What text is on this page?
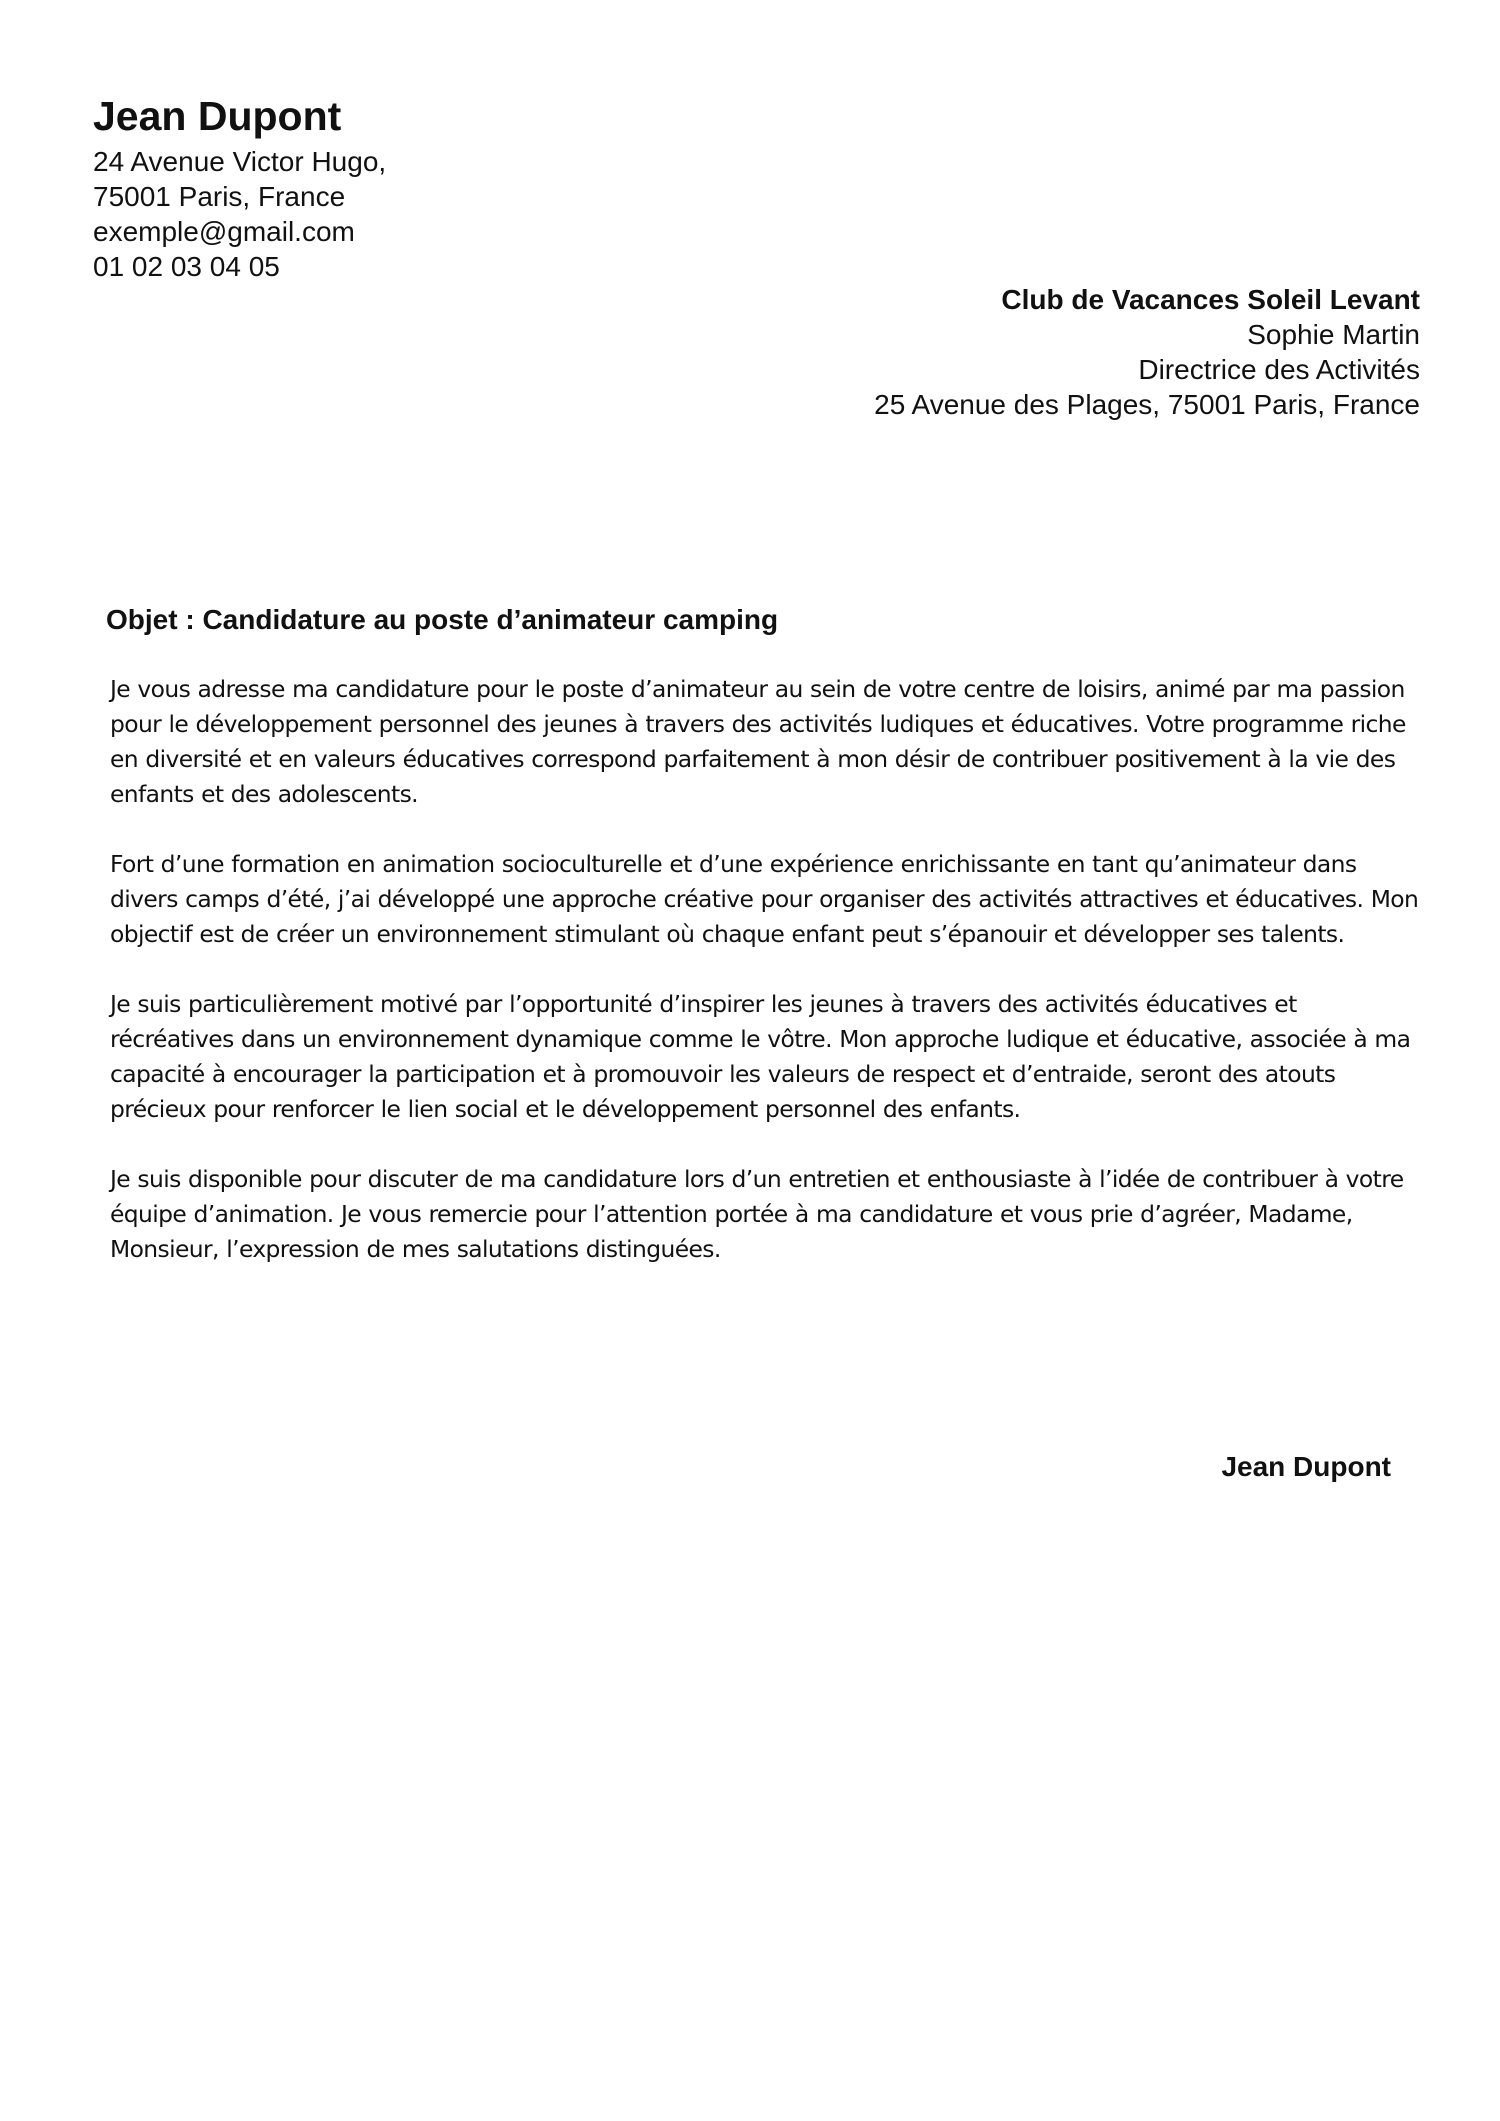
Jean Dupont
24 Avenue Victor Hugo,
75001 Paris, France
exemple@gmail.com
01 02 03 04 05
Club de Vacances Soleil Levant
Sophie Martin
Directrice des Activités
25 Avenue des Plages, 75001 Paris, France
Objet : Candidature au poste d’animateur camping

Je vous adresse ma candidature pour le poste d’animateur au sein de votre centre de loisirs, animé par ma passion pour le développement personnel des jeunes à travers des activités ludiques et éducatives. Votre programme riche en diversité et en valeurs éducatives correspond parfaitement à mon désir de contribuer positivement à la vie des enfants et des adolescents.

Fort d’une formation en animation socioculturelle et d’une expérience enrichissante en tant qu’animateur dans divers camps d’été, j’ai développé une approche créative pour organiser des activités attractives et éducatives. Mon objectif est de créer un environnement stimulant où chaque enfant peut s’épanouir et développer ses talents.

Je suis particulièrement motivé par l’opportunité d’inspirer les jeunes à travers des activités éducatives et récréatives dans un environnement dynamique comme le vôtre. Mon approche ludique et éducative, associée à ma capacité à encourager la participation et à promouvoir les valeurs de respect et d’entraide, seront des atouts précieux pour renforcer le lien social et le développement personnel des enfants.

Je suis disponible pour discuter de ma candidature lors d’un entretien et enthousiaste à l’idée de contribuer à votre équipe d’animation. Je vous remercie pour l’attention portée à ma candidature et vous prie d’agréer, Madame, Monsieur, l’expression de mes salutations distinguées.

Jean Dupont
